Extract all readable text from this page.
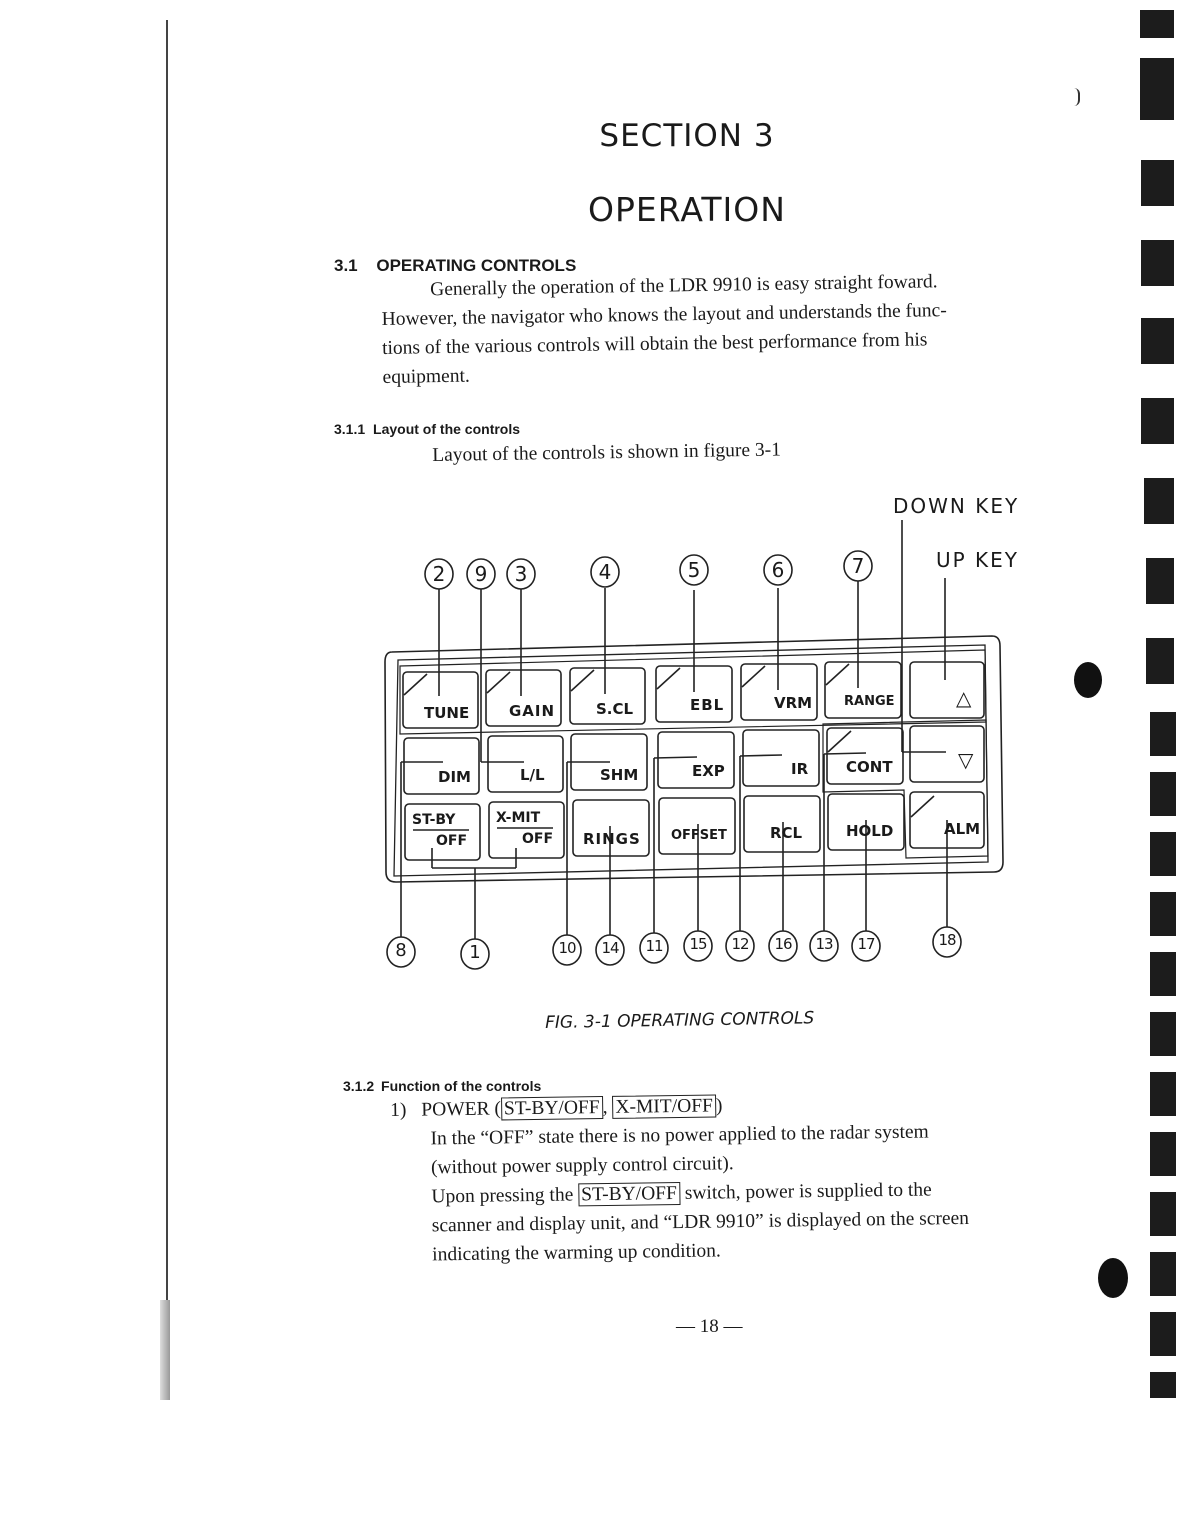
SECTION 3
OPERATION
3.1 OPERATING CONTROLS
Generally the operation of the LDR 9910 is easy straight foward.
However, the navigator who knows the layout and understands the func-
tions of the various controls will obtain the best performance from his
equipment.
3.1.1 Layout of the controls
Layout of the controls is shown in figure 3-1
2 9 3	4	5	6	7
DOWN KEY
UP KEY
8	1	10 14 11 15 12 16 13 17	18
TUNE	GAIN	S.CL	EBL	VRM RANGE	△
DIM	L/L	SHM	EXP	IR	CONT	▽
ST-BY
OFF
X-MIT
OFF RINGS OFFSET	RCL	HOLD	ALM
FIG. 3-1 OPERATING CONTROLS
3.1.2 Function of the controls
1) POWER ( ST-BY/OFF , X-MIT/OFF )
In the “OFF” state there is no power applied to the radar system
(without power supply control circuit).
Upon pressing the ST-BY/OFF switch, power is supplied to the
scanner and display unit, and “LDR 9910” is displayed on the screen
indicating the warming up condition.
— 18 —
